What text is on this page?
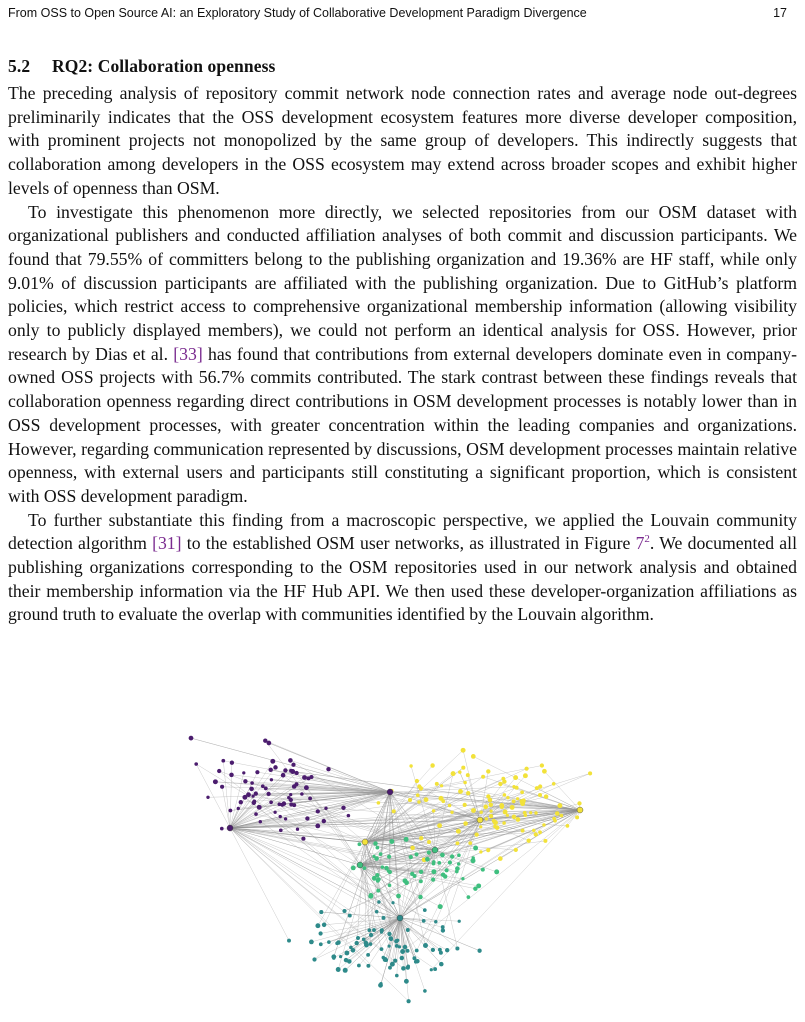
From OSS to Open Source AI: an Exploratory Study of Collaborative Development Paradigm Divergence	17
5.2 RQ2: Collaboration openness

The preceding analysis of repository commit network node connection rates and average node out-degrees preliminarily indicates that the OSS development ecosystem features more diverse developer composition, with prominent projects not monopolized by the same group of developers. This indirectly suggests that collaboration among developers in the OSS ecosystem may extend across broader scopes and exhibit higher levels of openness than OSM.

To investigate this phenomenon more directly, we selected repositories from our OSM dataset with organizational publishers and conducted affiliation analyses of both commit and discussion participants. We found that 79.55% of committers belong to the publishing organization and 19.36% are HF staff, while only 9.01% of discussion participants are affiliated with the publishing organization. Due to GitHub’s platform policies, which restrict access to comprehensive organizational membership information (allowing visibility only to publicly displayed members), we could not perform an identical analysis for OSS. However, prior research by Dias et al. [33] has found that contributions from external developers dominate even in company-owned OSS projects with 56.7% commits contributed. The stark contrast between these findings reveals that collaboration openness regarding direct contributions in OSM development processes is notably lower than in OSS development processes, with greater concentration within the leading companies and organizations. However, regarding communication represented by discussions, OSM development processes maintain relative openness, with external users and participants still constituting a significant proportion, which is consistent with OSS development paradigm.

To further substantiate this finding from a macroscopic perspective, we applied the Louvain community detection algorithm [31] to the established OSM user networks, as illustrated in Figure 7$^2$. We documented all publishing organizations corresponding to the OSM repositories used in our network analysis and obtained their membership information via the HF Hub API. We then used these developer-organization affiliations as ground truth to evaluate the overlap with communities identified by the Louvain algorithm.
